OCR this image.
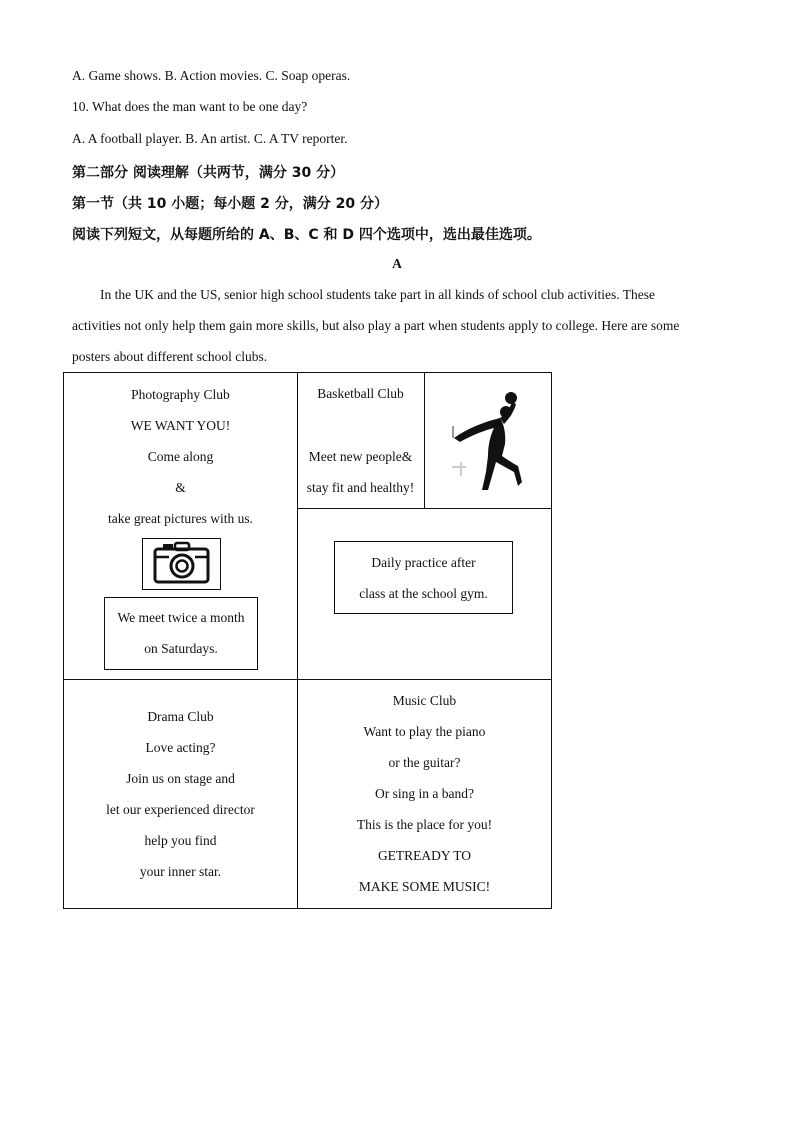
A. Game shows. B. Action movies. C. Soap operas.
10. What does the man want to be one day?
A. A football player. B. An artist. C. A TV reporter.
第二部分 阅读理解（共两节，满分 30 分）
第一节（共 10 小题；每小题 2 分，满分 20 分）
阅读下列短文，从每题所给的 A、B、C 和 D 四个选项中，选出最佳选项。
A
In the UK and the US, senior high school students take part in all kinds of school club activities. These
activities not only help them gain more skills, but also play a part when students apply to college. Here are some
posters about different school clubs.
Photography Club
WE WANT YOU!
Come along
&
take great pictures with us.
We meet twice a month
on Saturdays.
Basketball Club
Meet new people&
stay fit and healthy!
Daily practice after
class at the school gym.
Drama Club
Love acting?
Join us on stage and
let our experienced director
help you find
your inner star.
Music Club
Want to play the piano
or the guitar?
Or sing in a band?
This is the place for you!
GETREADY TO
MAKE SOME MUSIC!
